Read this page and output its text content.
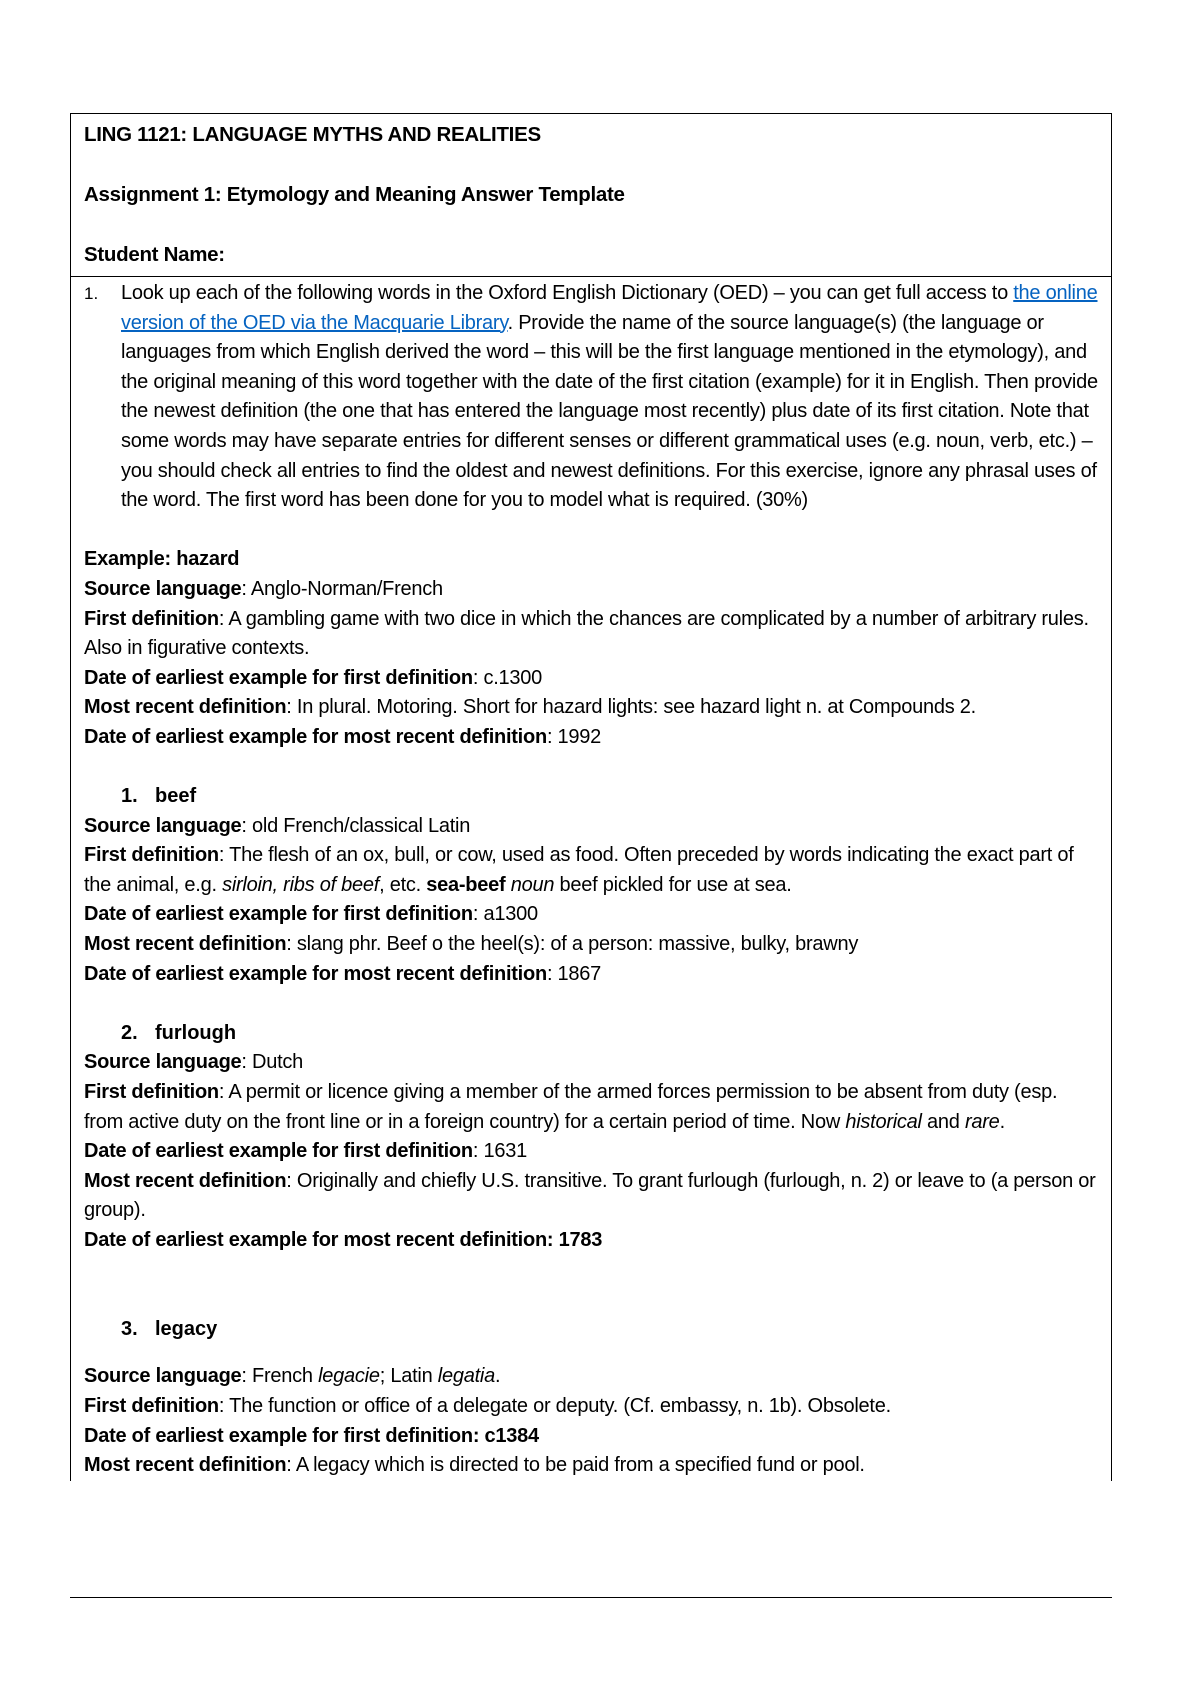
LING 1121: LANGUAGE MYTHS AND REALITIES
Assignment 1: Etymology and Meaning Answer Template
Student Name:
1.	Look up each of the following words in the Oxford English Dictionary (OED) – you can get full access to the online version of the OED via the Macquarie Library. Provide the name of the source language(s) (the language or languages from which English derived the word – this will be the first language mentioned in the etymology), and the original meaning of this word together with the date of the first citation (example) for it in English. Then provide the newest definition (the one that has entered the language most recently) plus date of its first citation. Note that some words may have separate entries for different senses or different grammatical uses (e.g. noun, verb, etc.) – you should check all entries to find the oldest and newest definitions. For this exercise, ignore any phrasal uses of the word. The first word has been done for you to model what is required. (30%)
Example: hazard
Source language: Anglo-Norman/French
First definition: A gambling game with two dice in which the chances are complicated by a number of arbitrary rules. Also in figurative contexts.
Date of earliest example for first definition: c.1300
Most recent definition: In plural. Motoring. Short for hazard lights: see hazard light n. at Compounds 2.
Date of earliest example for most recent definition: 1992
1. beef
Source language: old French/classical Latin
First definition: The flesh of an ox, bull, or cow, used as food. Often preceded by words indicating the exact part of the animal, e.g. sirloin, ribs of beef, etc. sea-beef noun beef pickled for use at sea.
Date of earliest example for first definition: a1300
Most recent definition: slang phr. Beef o the heel(s): of a person: massive, bulky, brawny
Date of earliest example for most recent definition: 1867
2. furlough
Source language: Dutch
First definition: A permit or licence giving a member of the armed forces permission to be absent from duty (esp. from active duty on the front line or in a foreign country) for a certain period of time. Now historical and rare.
Date of earliest example for first definition: 1631
Most recent definition: Originally and chiefly U.S. transitive. To grant furlough (furlough, n. 2) or leave to (a person or group).
Date of earliest example for most recent definition: 1783
3. legacy
Source language: French legacie; Latin legatia.
First definition: The function or office of a delegate or deputy. (Cf. embassy, n. 1b). Obsolete.
Date of earliest example for first definition: c1384
Most recent definition: A legacy which is directed to be paid from a specified fund or pool.
